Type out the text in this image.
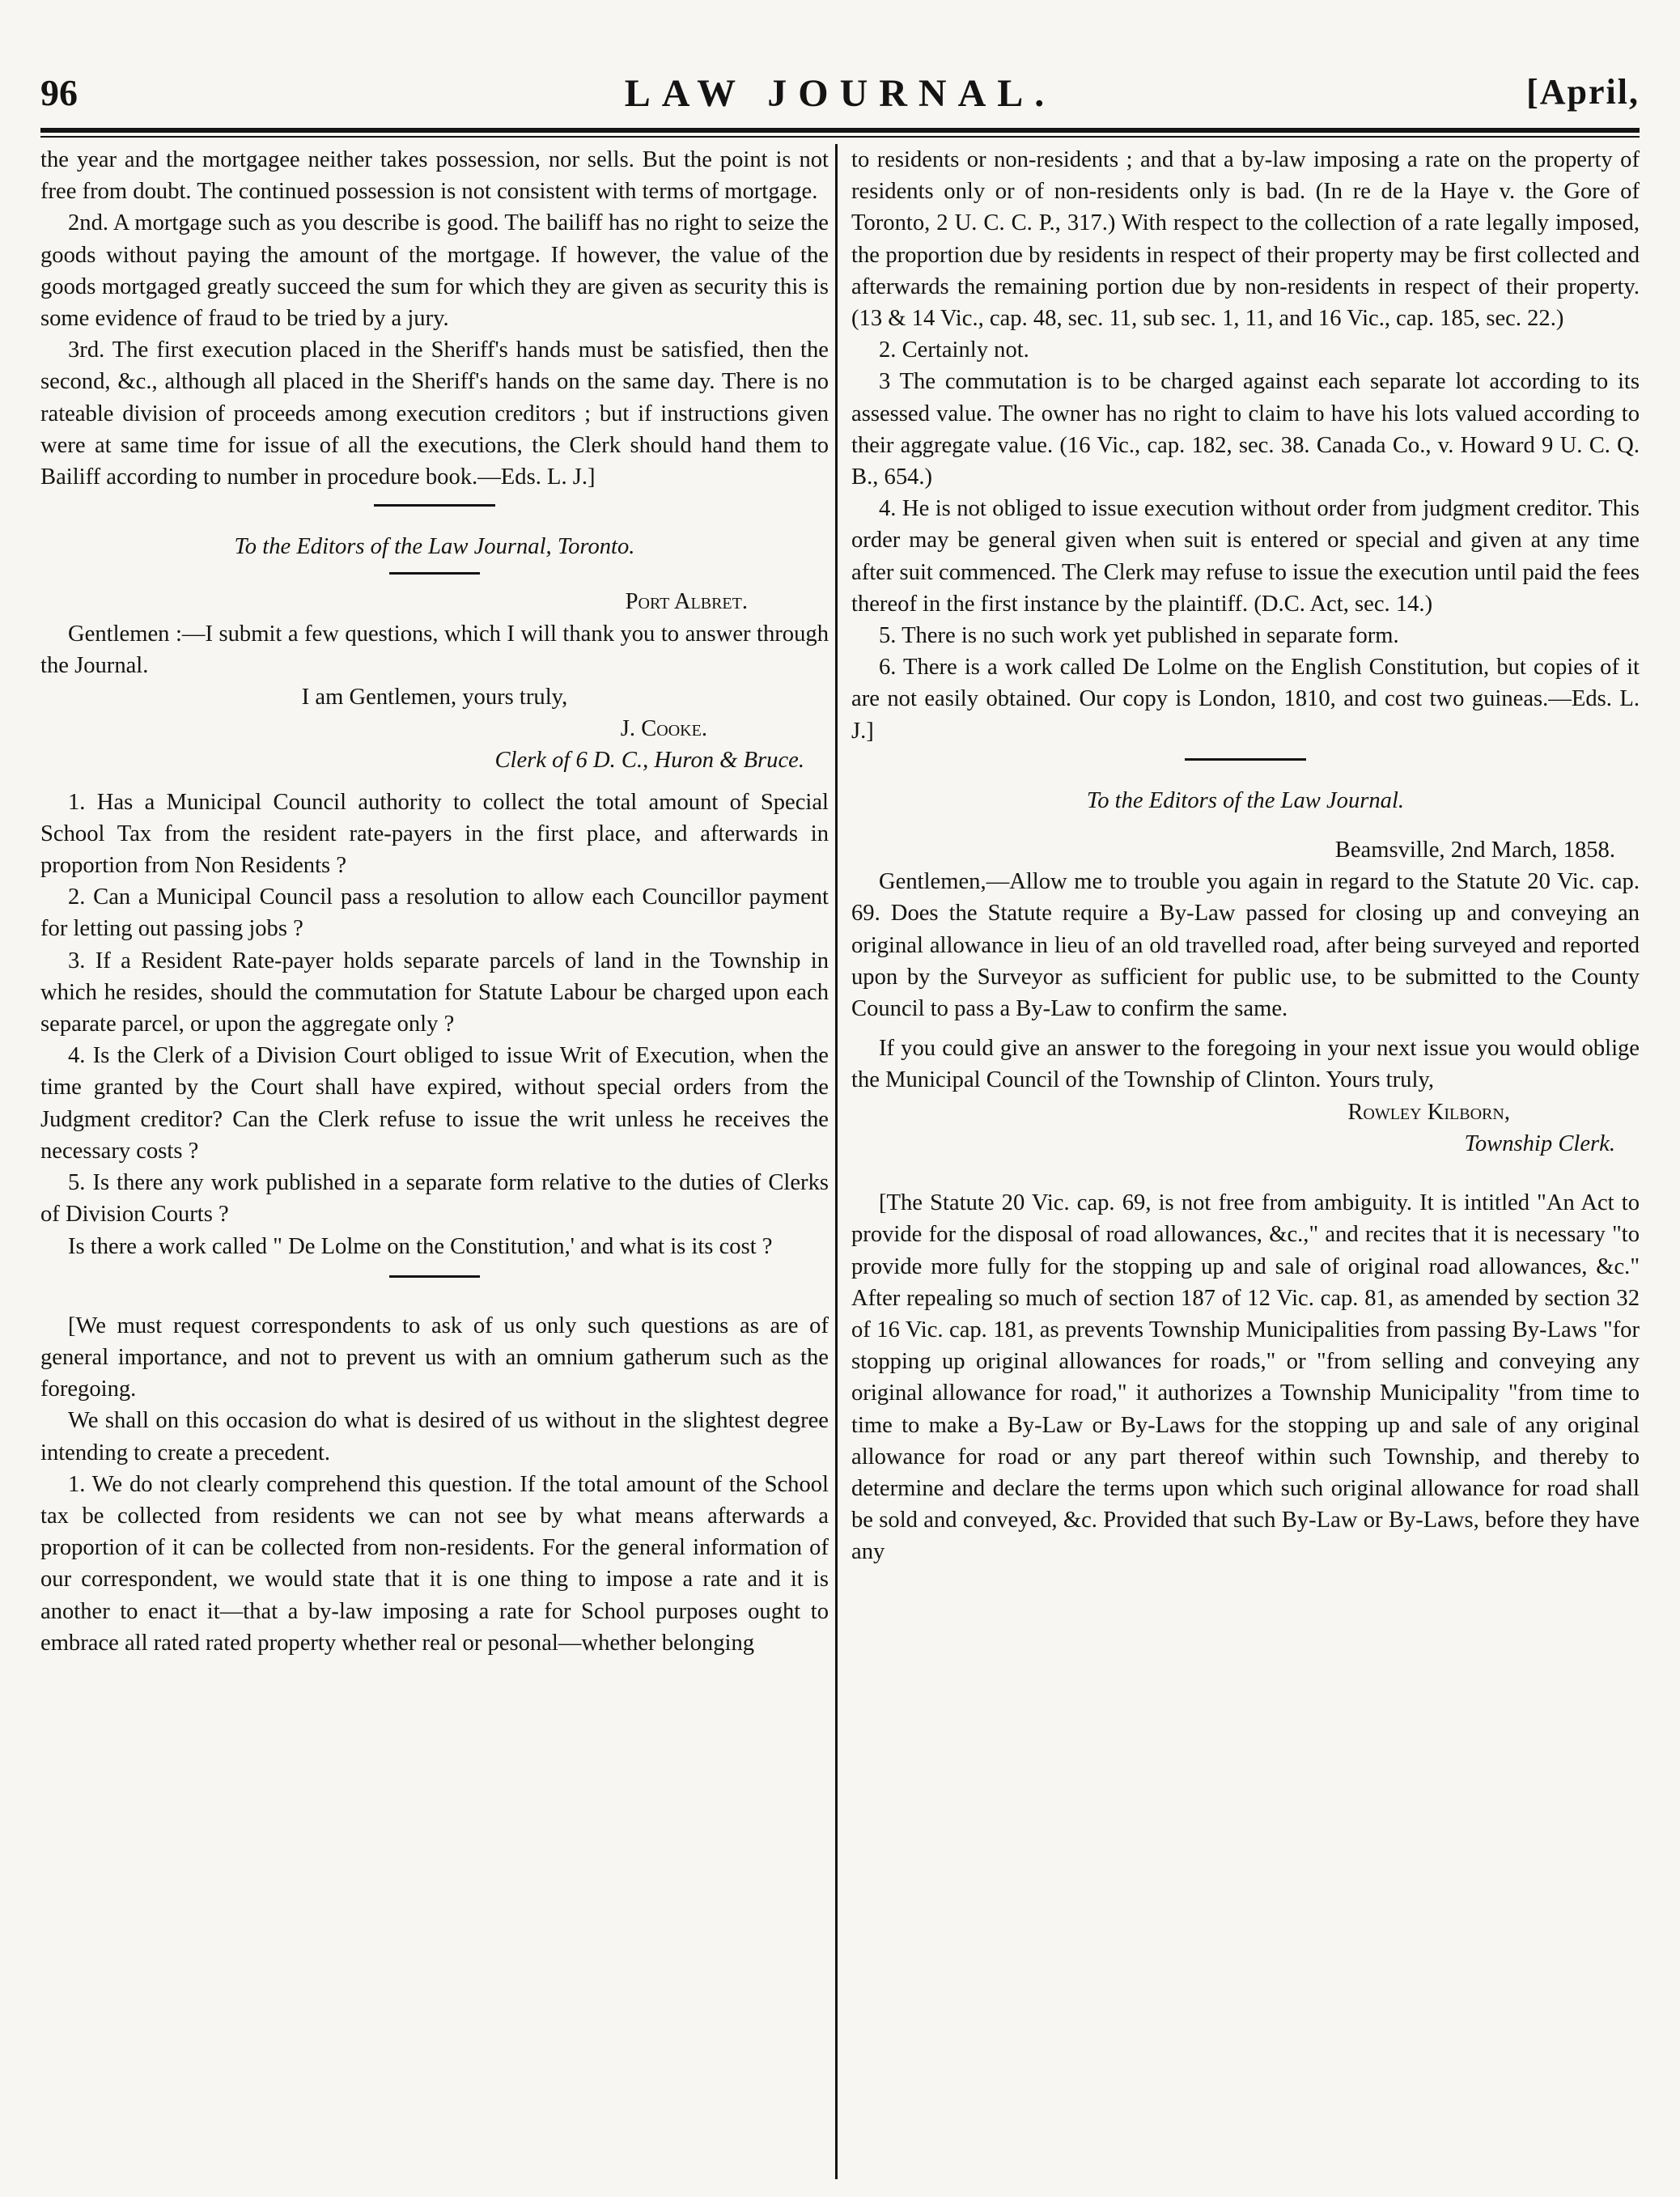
96	LAW JOURNAL.	[April,

the year and the mortgagee neither takes possession, nor sells. But the point is not free from doubt. The continued possession is not consistent with terms of mortgage.

2nd. A mortgage such as you describe is good. The bailiff has no right to seize the goods without paying the amount of the mortgage. If however, the value of the goods mortgaged greatly succeed the sum for which they are given as security this is some evidence of fraud to be tried by a jury.

3rd. The first execution placed in the Sheriff's hands must be satisfied, then the second, &c., although all placed in the Sheriff's hands on the same day. There is no rateable division of proceeds among execution creditors ; but if instructions given were at same time for issue of all the executions, the Clerk should hand them to Bailiff according to number in procedure book.—Eds. L. J.]

To the Editors of the Law Journal, Toronto.

Port Albret.

Gentlemen :—I submit a few questions, which I will thank you to answer through the Journal.

I am Gentlemen, yours truly,

J. Cooke.

Clerk of 6 D. C., Huron & Bruce.

1. Has a Municipal Council authority to collect the total amount of Special School Tax from the resident rate-payers in the first place, and afterwards in proportion from Non Residents ?

2. Can a Municipal Council pass a resolution to allow each Councillor payment for letting out passing jobs ?

3. If a Resident Rate-payer holds separate parcels of land in the Township in which he resides, should the commutation for Statute Labour be charged upon each separate parcel, or upon the aggregate only ?

4. Is the Clerk of a Division Court obliged to issue Writ of Execution, when the time granted by the Court shall have expired, without special orders from the Judgment creditor? Can the Clerk refuse to issue the writ unless he receives the necessary costs ?

5. Is there any work published in a separate form relative to the duties of Clerks of Division Courts ?

Is there a work called " De Lolme on the Constitution,' and what is its cost ?

[We must request correspondents to ask of us only such questions as are of general importance, and not to prevent us with an omnium gatherum such as the foregoing.

We shall on this occasion do what is desired of us without in the slightest degree intending to create a precedent.

1. We do not clearly comprehend this question. If the total amount of the School tax be collected from residents we can not see by what means afterwards a proportion of it can be collected from non-residents. For the general information of our correspondent, we would state that it is one thing to impose a rate and it is another to enact it—that a by-law imposing a rate for School purposes ought to embrace all rated rated property whether real or pesonal—whether belonging

to residents or non-residents ; and that a by-law imposing a rate on the property of residents only or of non-residents only is bad. (In re de la Haye v. the Gore of Toronto, 2 U. C. C. P., 317.) With respect to the collection of a rate legally imposed, the proportion due by residents in respect of their property may be first collected and afterwards the remaining portion due by non-residents in respect of their property. (13 & 14 Vic., cap. 48, sec. 11, sub sec. 1, 11, and 16 Vic., cap. 185, sec. 22.)

2. Certainly not.

3 The commutation is to be charged against each separate lot according to its assessed value. The owner has no right to claim to have his lots valued according to their aggregate value. (16 Vic., cap. 182, sec. 38. Canada Co., v. Howard 9 U. C. Q. B., 654.)

4. He is not obliged to issue execution without order from judgment creditor. This order may be general given when suit is entered or special and given at any time after suit commenced. The Clerk may refuse to issue the execution until paid the fees thereof in the first instance by the plaintiff. (D.C. Act, sec. 14.)

5. There is no such work yet published in separate form.

6. There is a work called De Lolme on the English Constitution, but copies of it are not easily obtained. Our copy is London, 1810, and cost two guineas.—Eds. L. J.]

To the Editors of the Law Journal.

Beamsville, 2nd March, 1858.

Gentlemen,—Allow me to trouble you again in regard to the Statute 20 Vic. cap. 69. Does the Statute require a By-Law passed for closing up and conveying an original allowance in lieu of an old travelled road, after being surveyed and reported upon by the Surveyor as sufficient for public use, to be submitted to the County Council to pass a By-Law to confirm the same.

If you could give an answer to the foregoing in your next issue you would oblige the Municipal Council of the Township of Clinton. Yours truly,

Rowley Kilborn,

Township Clerk.

[The Statute 20 Vic. cap. 69, is not free from ambiguity. It is intitled "An Act to provide for the disposal of road allowances, &c.," and recites that it is necessary "to provide more fully for the stopping up and sale of original road allowances, &c." After repealing so much of section 187 of 12 Vic. cap. 81, as amended by section 32 of 16 Vic. cap. 181, as prevents Township Municipalities from passing By-Laws "for stopping up original allowances for roads," or "from selling and conveying any original allowance for road," it authorizes a Township Municipality "from time to time to make a By-Law or By-Laws for the stopping up and sale of any original allowance for road or any part thereof within such Township, and thereby to determine and declare the terms upon which such original allowance for road shall be sold and conveyed, &c. Provided that such By-Law or By-Laws, before they have any
